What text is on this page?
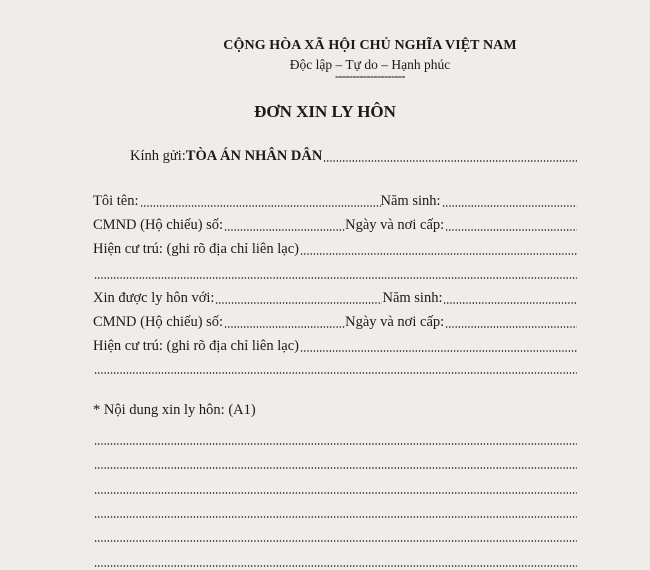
CỘNG HÒA XÃ HỘI CHỦ NGHĨA VIỆT NAM
Độc lập – Tự do – Hạnh phúc
--------------------
ĐƠN XIN LY HÔN
Kính gửi: TÒA ÁN NHÂN DÂN
Tôi tên:	Năm sinh:
CMND (Hộ chiếu) số:	Ngày và nơi cấp:
Hiện cư trú: (ghi rõ địa chỉ liên lạc)
Xin được ly hôn với:	Năm sinh:
CMND (Hộ chiếu) số:	Ngày và nơi cấp:
Hiện cư trú: (ghi rõ địa chỉ liên lạc)
* Nội dung xin ly hôn: (A1)
